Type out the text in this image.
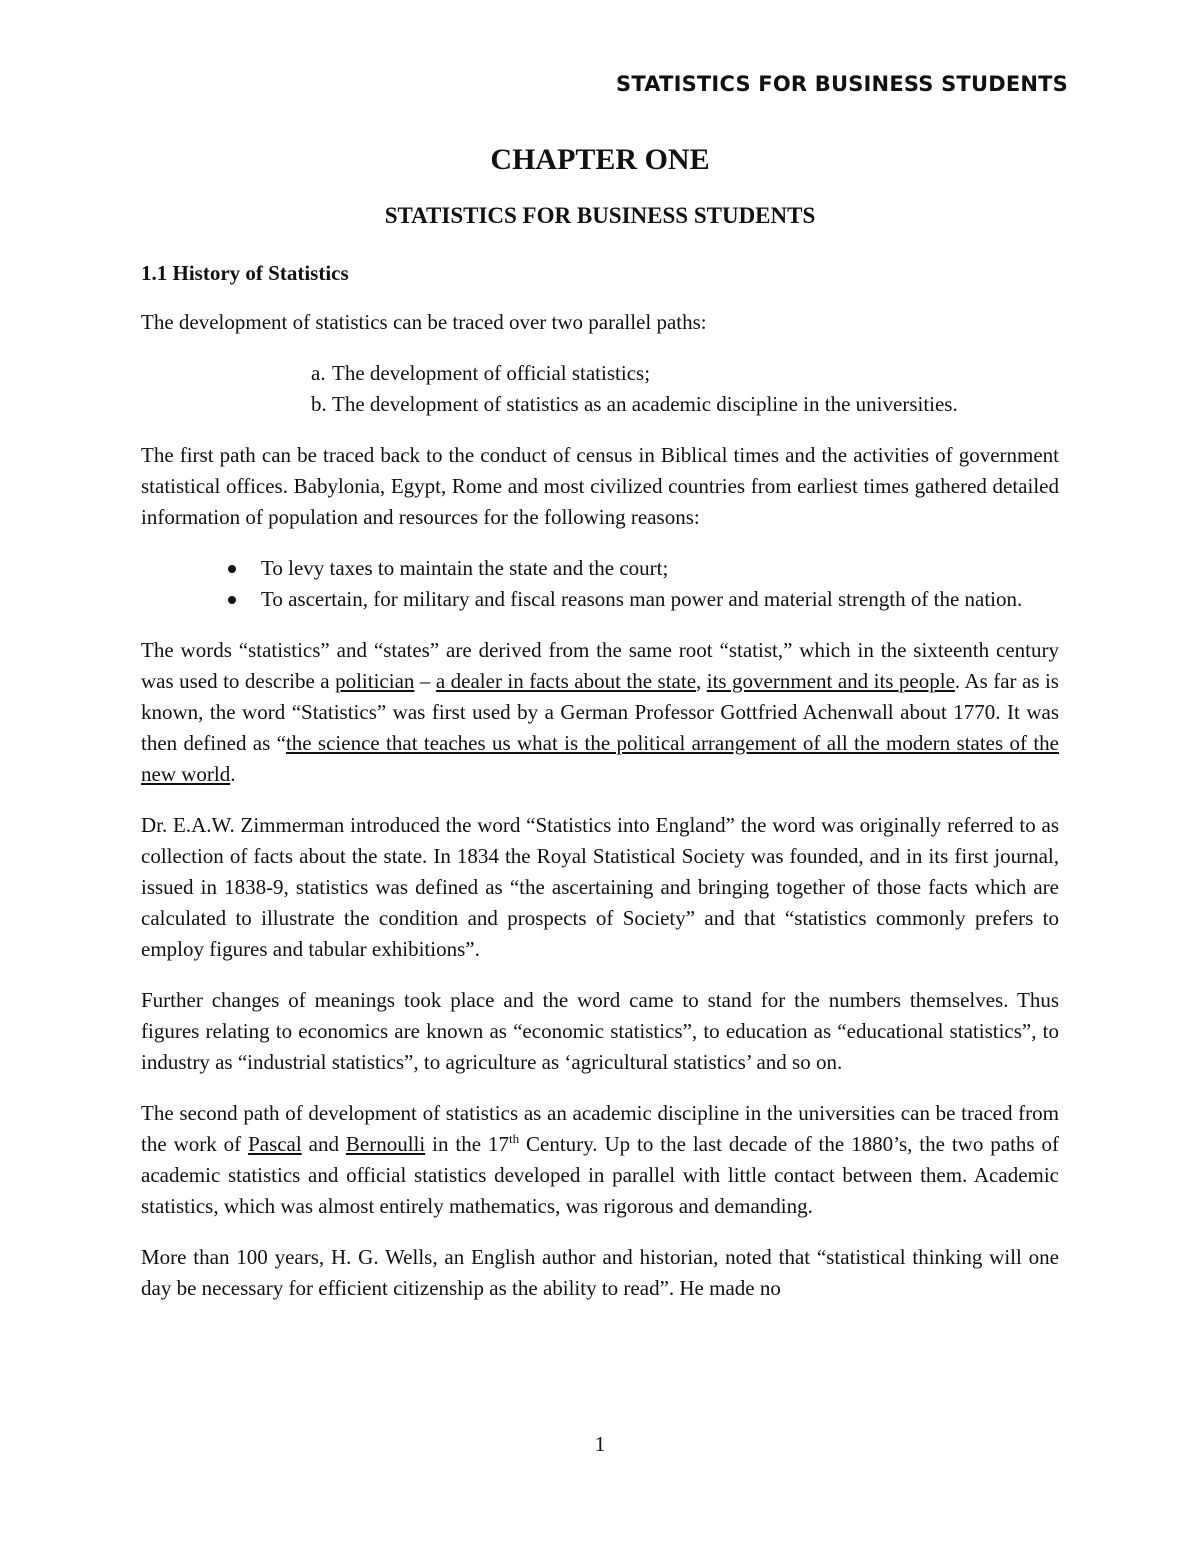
STATISTICS FOR BUSINESS STUDENTS
CHAPTER ONE
STATISTICS FOR BUSINESS STUDENTS
1.1 History of Statistics

The development of statistics can be traced over two parallel paths:

a. The development of official statistics;
b. The development of statistics as an academic discipline in the universities.

The first path can be traced back to the conduct of census in Biblical times and the activities of government statistical offices. Babylonia, Egypt, Rome and most civilized countries from earliest times gathered detailed information of population and resources for the following reasons:

To levy taxes to maintain the state and the court;
To ascertain, for military and fiscal reasons man power and material strength of the nation.

The words “statistics” and “states” are derived from the same root “statist,” which in the sixteenth century was used to describe a politician – a dealer in facts about the state, its government and its people. As far as is known, the word “Statistics” was first used by a German Professor Gottfried Achenwall about 1770. It was then defined as “the science that teaches us what is the political arrangement of all the modern states of the new world.

Dr. E.A.W. Zimmerman introduced the word “Statistics into England” the word was originally referred to as collection of facts about the state. In 1834 the Royal Statistical Society was founded, and in its first journal, issued in 1838-9, statistics was defined as “the ascertaining and bringing together of those facts which are calculated to illustrate the condition and prospects of Society” and that “statistics commonly prefers to employ figures and tabular exhibitions”.

Further changes of meanings took place and the word came to stand for the numbers themselves. Thus figures relating to economics are known as “economic statistics”, to education as “educational statistics”, to industry as “industrial statistics”, to agriculture as ‘agricultural statistics’ and so on.

The second path of development of statistics as an academic discipline in the universities can be traced from the work of Pascal and Bernoulli in the 17th Century. Up to the last decade of the 1880’s, the two paths of academic statistics and official statistics developed in parallel with little contact between them. Academic statistics, which was almost entirely mathematics, was rigorous and demanding.

More than 100 years, H. G. Wells, an English author and historian, noted that “statistical thinking will one day be necessary for efficient citizenship as the ability to read”. He made no

1
